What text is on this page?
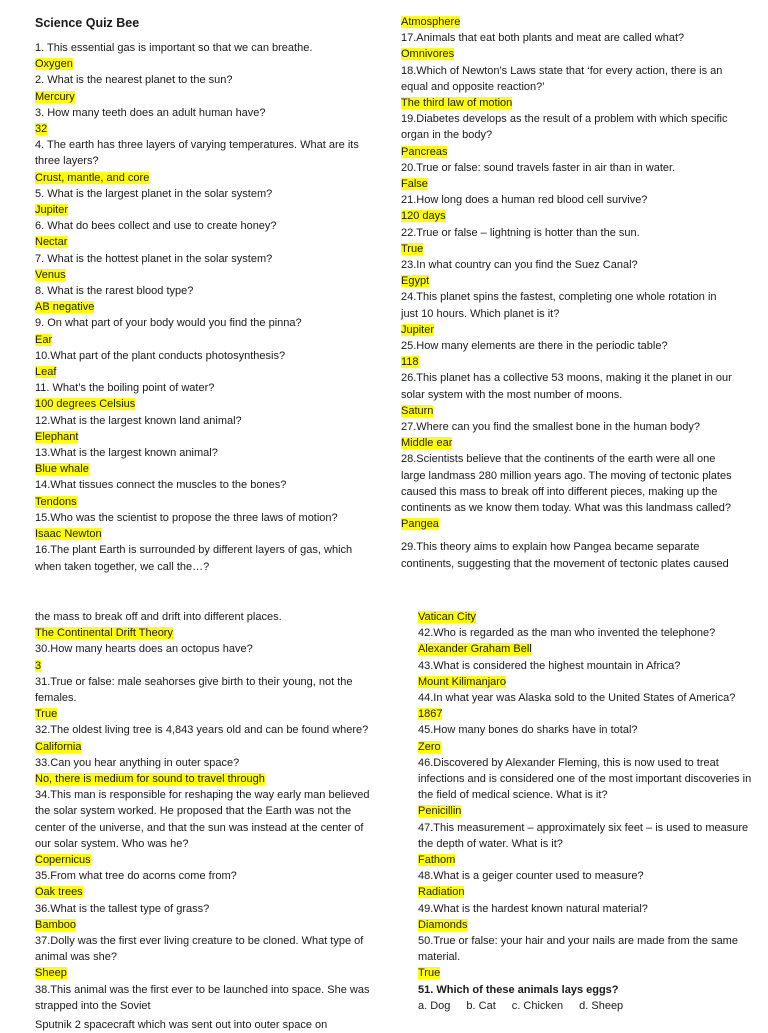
Science Quiz Bee
1. This essential gas is important so that we can breathe.
Oxygen
2. What is the nearest planet to the sun?
Mercury
3. How many teeth does an adult human have?
32
4. The earth has three layers of varying temperatures. What are its three layers?
Crust, mantle, and core
5. What is the largest planet in the solar system?
Jupiter
6. What do bees collect and use to create honey?
Nectar
7. What is the hottest planet in the solar system?
Venus
8. What is the rarest blood type?
AB negative
9. On what part of your body would you find the pinna?
Ear
10.What part of the plant conducts photosynthesis?
Leaf
11. What’s the boiling point of water?
100 degrees Celsius
12.What is the largest known land animal?
Elephant
13.What is the largest known animal?
Blue whale
14.What tissues connect the muscles to the bones?
Tendons
15.Who was the scientist to propose the three laws of motion?
Isaac Newton
16.The plant Earth is surrounded by different layers of gas, which when taken together, we call the…?
Atmosphere
17.Animals that eat both plants and meat are called what?
Omnivores
18.Which of Newton’s Laws state that ‘for every action, there is an equal and opposite reaction?’
The third law of motion
19.Diabetes develops as the result of a problem with which specific organ in the body?
Pancreas
20.True or false: sound travels faster in air than in water.
False
21.How long does a human red blood cell survive?
120 days
22.True or false – lightning is hotter than the sun.
True
23.In what country can you find the Suez Canal?
Egypt
24.This planet spins the fastest, completing one whole rotation in just 10 hours. Which planet is it?
Jupiter
25.How many elements are there in the periodic table?
118
26.This planet has a collective 53 moons, making it the planet in our solar system with the most number of moons.
Saturn
27.Where can you find the smallest bone in the human body?
Middle ear
28.Scientists believe that the continents of the earth were all one large landmass 280 million years ago. The moving of tectonic plates caused this mass to break off into different pieces, making up the continents as we know them today. What was this landmass called?
Pangea
29.This theory aims to explain how Pangea became separate continents, suggesting that the movement of tectonic plates caused
the mass to break off and drift into different places.
The Continental Drift Theory
30.How many hearts does an octopus have?
3
31.True or false: male seahorses give birth to their young, not the females.
True
32.The oldest living tree is 4,843 years old and can be found where?
California
33.Can you hear anything in outer space?
No, there is medium for sound to travel through
34.This man is responsible for reshaping the way early man believed the solar system worked. He proposed that the Earth was not the center of the universe, and that the sun was instead at the center of our solar system. Who was he?
Copernicus
35.From what tree do acorns come from?
Oak trees
36.What is the tallest type of grass?
Bamboo
37.Dolly was the first ever living creature to be cloned. What type of animal was she?
Sheep
38.This animal was the first ever to be launched into space. She was strapped into the Soviet
Sputnik 2 spacecraft which was sent out into outer space on
Vatican City
42.Who is regarded as the man who invented the telephone?
Alexander Graham Bell
43.What is considered the highest mountain in Africa?
Mount Kilimanjaro
44.In what year was Alaska sold to the United States of America?
1867
45.How many bones do sharks have in total?
Zero
46.Discovered by Alexander Fleming, this is now used to treat infections and is considered one of the most important discoveries in the field of medical science. What is it?
Penicillin
47.This measurement – approximately six feet – is used to measure the depth of water. What is it?
Fathom
48.What is a geiger counter used to measure?
Radiation
49.What is the hardest known natural material?
Diamonds
50.True or false: your hair and your nails are made from the same material.
True
51. Which of these animals lays eggs?
a. Dog b. Cat c. Chicken d. Sheep
